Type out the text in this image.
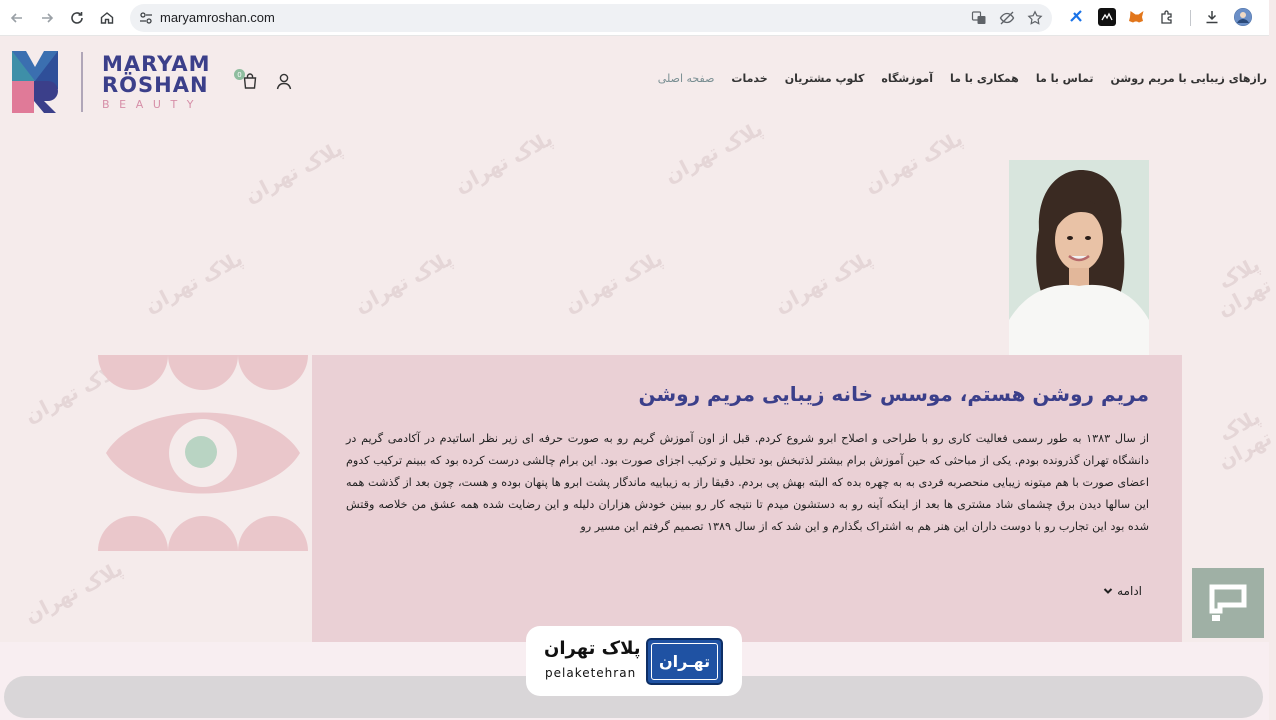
پلاک تهران	پلاک تهران	پلاک تهران	پلاک تهران
پلاک تهران	پلاک تهران	پلاک تهران	پلاک تهران	پلاک تهران
پلاک تهران	پلاک تهران
پلاک تهران
maryamroshan.com
MARYAM
RÖSHAN
BEAUTY
0	صفحه اصلی خدمات کلوپ مشتریان آموزشگاه همکاری با ما تماس با ما رازهای زیبایی با مریم روشن
مریم روشن هستم، موسس خانه زیبایی مریم روشن

از سال ۱۳۸۳ به طور رسمی فعالیت کاری رو با طراحی و اصلاح ابرو شروع کردم. قبل از اون آموزش گریم رو به صورت حرفه ای زیر نظر اساتیدم در آکادمی گریم در دانشگاه تهران گذرونده بودم. یکی از مباحثی که حین آموزش برام بیشتر لذتبخش بود تحلیل و ترکیب اجزای صورت بود. این برام چالشی درست کرده بود که ببینم ترکیب کدوم اعضای صورت با هم میتونه زیبایی منحصربه فردی به به چهره بده که البته بهش پی بردم. دقیقا راز به زیباییه ماندگار پشت ابرو ها پنهان بوده و هست، چون بعد از گذشت همه این سالها دیدن برق چشمای شاد مشتری ها بعد از اینکه آینه رو به دستشون میدم تا نتیجه کار رو ببینن خودش هزاران دلیله و این رضایت شده همه عشق من خلاصه وقتش شده بود این تجارب رو با دوست داران این هنر هم به اشتراک بگذارم و این شد که از سال ۱۳۸۹ تصمیم گرفتم این مسیر رو

ادامه
پلاک تهران
pelaketehran
تهـران
